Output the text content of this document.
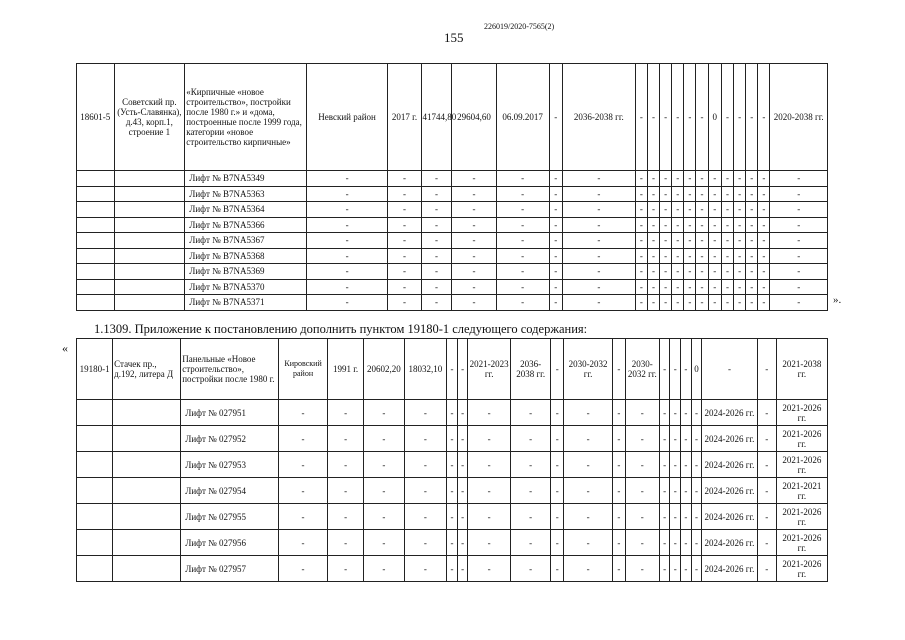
226019/2020-7565(2)
155
18601-5	Советский пр. (Усть-Славянка), д.43, корп.1, строение 1	«Кирпичные «новое строительство», постройки после 1980 г.» и «дома, построенные после 1999 года, категории «новое строительство кирпичные»	Невский район	2017 г.	41744,80	29604,60	06.09.2017	-	2036-2038 гг.	-	-	-	-	-	-	0	-	-	-	-	2020-2038 гг.
		Лифт № В7NA5349	-	-	-	-	-	-	-	-	-	-	-	-	-	-	-	-	-	-	-
		Лифт № В7NA5363	-	-	-	-	-	-	-	-	-	-	-	-	-	-	-	-	-	-	-
		Лифт № В7NA5364	-	-	-	-	-	-	-	-	-	-	-	-	-	-	-	-	-	-	-
		Лифт № В7NA5366	-	-	-	-	-	-	-	-	-	-	-	-	-	-	-	-	-	-	-
		Лифт № В7NA5367	-	-	-	-	-	-	-	-	-	-	-	-	-	-	-	-	-	-	-
		Лифт № В7NA5368	-	-	-	-	-	-	-	-	-	-	-	-	-	-	-	-	-	-	-
		Лифт № В7NA5369	-	-	-	-	-	-	-	-	-	-	-	-	-	-	-	-	-	-	-
		Лифт № В7NA5370	-	-	-	-	-	-	-	-	-	-	-	-	-	-	-	-	-	-	-
		Лифт № В7NA5371	-	-	-	-	-	-	-	-	-	-	-	-	-	-	-	-	-	-	-	».
1.1309. Приложение к постановлению дополнить пунктом 19180-1 следующего содержания:
«
19180-1	Стачек пр., д.192, литера Д	Панельные «Новое строительство», постройки после 1980 г.	Кировский район	1991 г.	20602,20	18032,10	-	-	2021-2023 гг.	2036-2038 гг.	-	2030-2032 гг.	-	2030-2032 гг.	-	-	-	0	-	-	2021-2038 гг.
		Лифт № 027951	-	-	-	-	-	-	-	-	-	-	-	-	-	-	-	-	2024-2026 гг.	-	2021-2026 гг.
		Лифт № 027952	-	-	-	-	-	-	-	-	-	-	-	-	-	-	-	-	2024-2026 гг.	-	2021-2026 гг.
		Лифт № 027953	-	-	-	-	-	-	-	-	-	-	-	-	-	-	-	-	2024-2026 гг.	-	2021-2026 гг.
		Лифт № 027954	-	-	-	-	-	-	-	-	-	-	-	-	-	-	-	-	2024-2026 гг.	-	2021-2021 гг.
		Лифт № 027955	-	-	-	-	-	-	-	-	-	-	-	-	-	-	-	-	2024-2026 гг.	-	2021-2026 гг.
		Лифт № 027956	-	-	-	-	-	-	-	-	-	-	-	-	-	-	-	-	2024-2026 гг.	-	2021-2026 гг.
		Лифт № 027957	-	-	-	-	-	-	-	-	-	-	-	-	-	-	-	-	2024-2026 гг.	-	2021-2026 гг.
